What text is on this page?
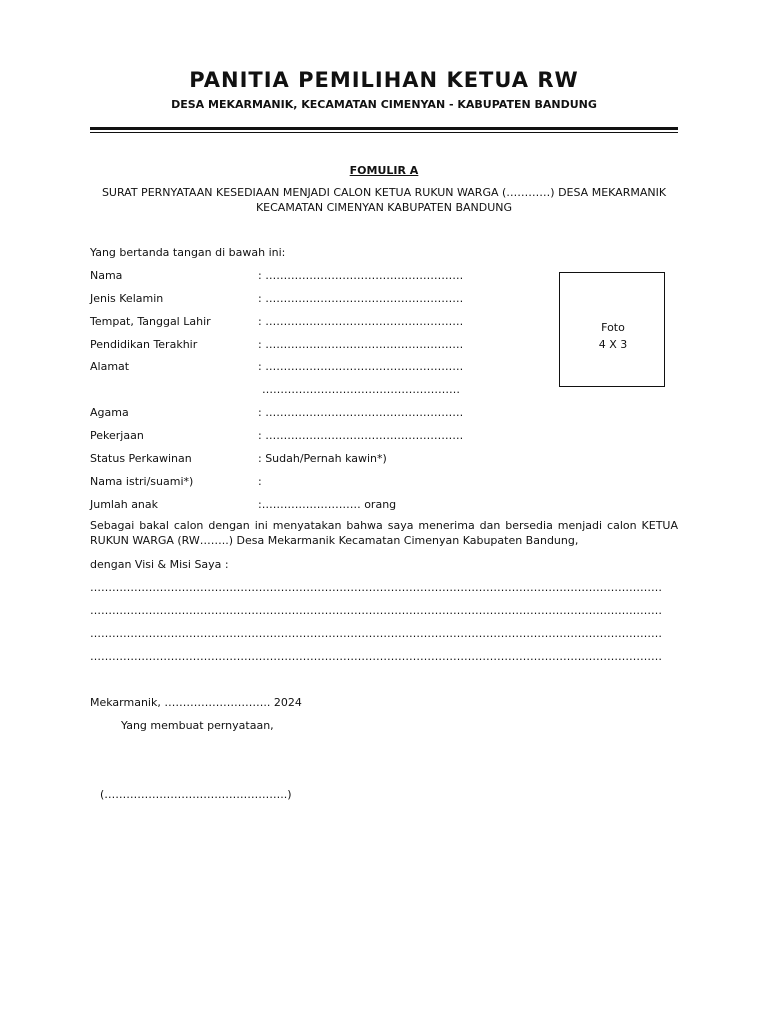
PANITIA PEMILIHAN KETUA RW
DESA MEKARMANIK, KECAMATAN CIMENYAN - KABUPATEN BANDUNG
FOMULIR A
SURAT PERNYATAAN KESEDIAAN MENJADI CALON KETUA RUKUN WARGA (…………) DESA MEKARMANIK
KECAMATAN CIMENYAN KABUPATEN BANDUNG
Yang bertanda tangan di bawah ini:
Nama	: ………………………………………………
Jenis Kelamin	: ………………………………………………
Tempat, Tanggal Lahir	: ………………………………………………
Pendidikan Terakhir	: ………………………………………………
Alamat	: ………………………………………………
………………………………………………
Agama	: ………………………………………………
Pekerjaan	: ………………………………………………
Status Perkawinan	: Sudah/Pernah kawin*)
Nama istri/suami*)	:
Jumlah anak	:……………………… orang
Foto
4 X 3
Sebagai bakal calon dengan ini menyatakan bahwa saya menerima dan bersedia menjadi calon KETUA RUKUN WARGA (RW……..) Desa Mekarmanik Kecamatan Cimenyan Kabupaten Bandung,
dengan Visi & Misi Saya :
…………………………………………………………………………………………………………………………………………
…………………………………………………………………………………………………………………………………………
…………………………………………………………………………………………………………………………………………
…………………………………………………………………………………………………………………………………………
Mekarmanik, ……………………….. 2024
Yang membuat pernyataan,
(…………………………………………..)
